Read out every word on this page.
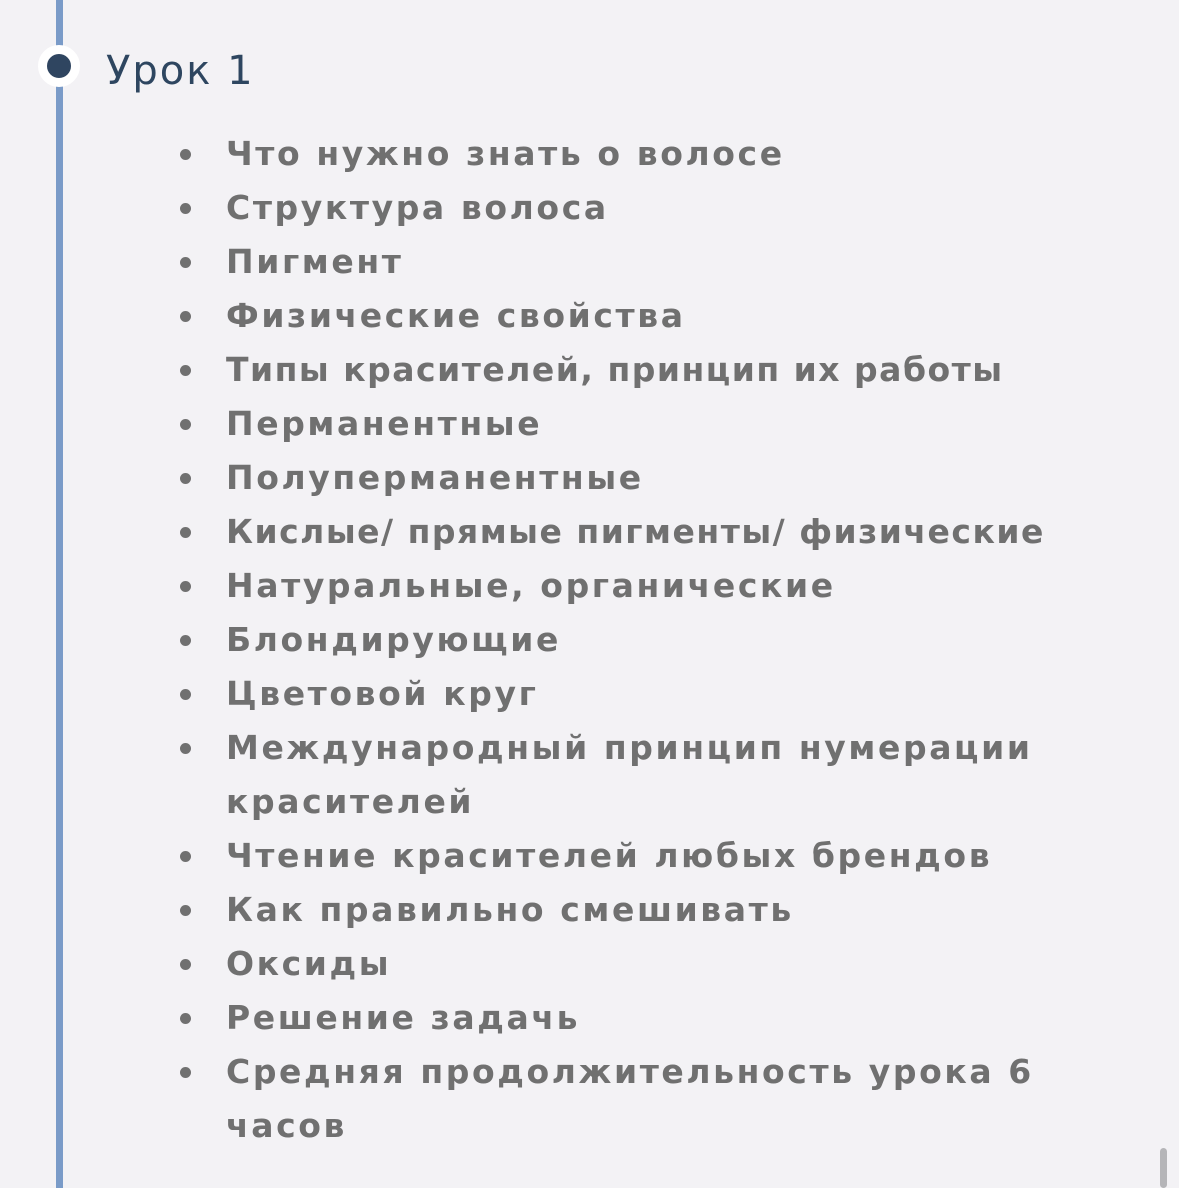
Урок 1
Что нужно знать о волосе
Структура волоса
Пигмент
Физические свойства
Типы красителей, принцип их работы
Перманентные
Полуперманентные
Кислые/ прямые пигменты/ физические
Натуральные, органические
Блондирующие
Цветовой круг
Международный принцип нумерации красителей
Чтение красителей любых брендов
Как правильно смешивать
Оксиды
Решение задачь
Средняя продолжительность урока 6 часов
